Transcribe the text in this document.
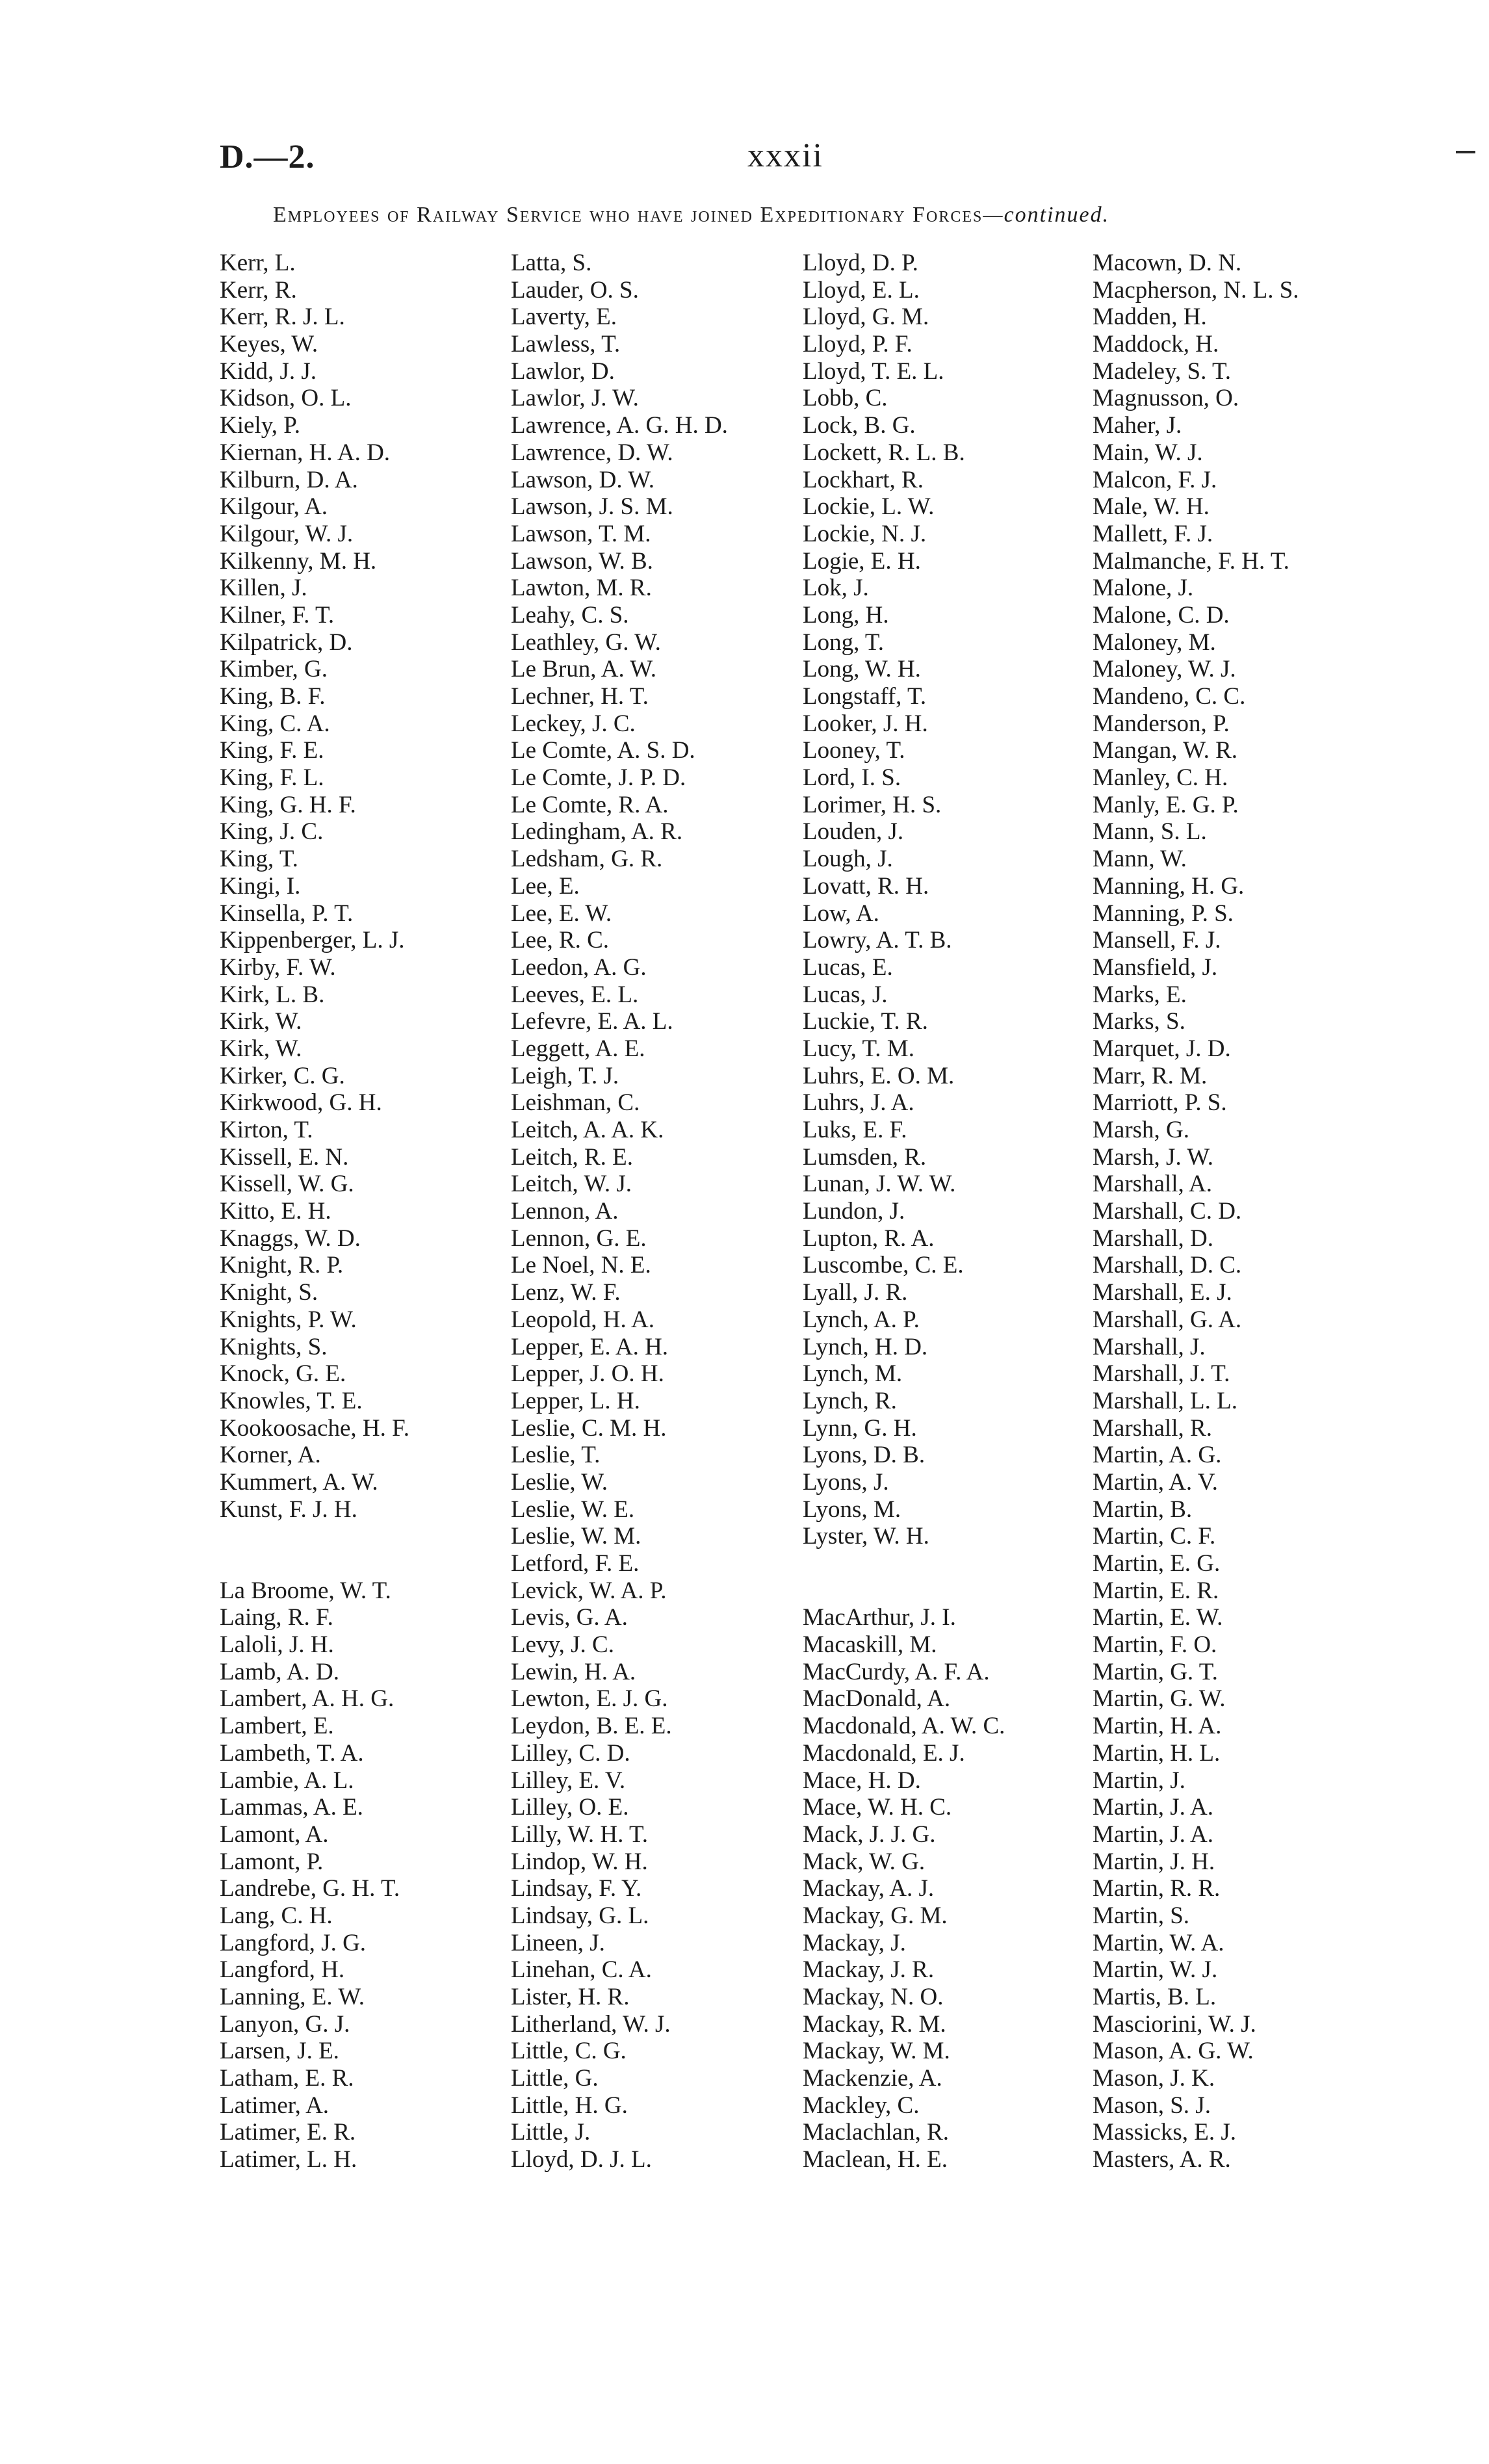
D.—2.	xxxii
Employees of Railway Service who have joined Expeditionary Forces—continued.
Kerr, L.
Kerr, R.
Kerr, R. J. L.
Keyes, W.
Kidd, J. J.
Kidson, O. L.
Kiely, P.
Kiernan, H. A. D.
Kilburn, D. A.
Kilgour, A.
Kilgour, W. J.
Kilkenny, M. H.
Killen, J.
Kilner, F. T.
Kilpatrick, D.
Kimber, G.
King, B. F.
King, C. A.
King, F. E.
King, F. L.
King, G. H. F.
King, J. C.
King, T.
Kingi, I.
Kinsella, P. T.
Kippenberger, L. J.
Kirby, F. W.
Kirk, L. B.
Kirk, W.
Kirk, W.
Kirker, C. G.
Kirkwood, G. H.
Kirton, T.
Kissell, E. N.
Kissell, W. G.
Kitto, E. H.
Knaggs, W. D.
Knight, R. P.
Knight, S.
Knights, P. W.
Knights, S.
Knock, G. E.
Knowles, T. E.
Kookoosache, H. F.
Korner, A.
Kummert, A. W.
Kunst, F. J. H.
La Broome, W. T.
Laing, R. F.
Laloli, J. H.
Lamb, A. D.
Lambert, A. H. G.
Lambert, E.
Lambeth, T. A.
Lambie, A. L.
Lammas, A. E.
Lamont, A.
Lamont, P.
Landrebe, G. H. T.
Lang, C. H.
Langford, J. G.
Langford, H.
Lanning, E. W.
Lanyon, G. J.
Larsen, J. E.
Latham, E. R.
Latimer, A.
Latimer, E. R.
Latimer, L. H.
Latta, S.
Lauder, O. S.
Laverty, E.
Lawless, T.
Lawlor, D.
Lawlor, J. W.
Lawrence, A. G. H. D.
Lawrence, D. W.
Lawson, D. W.
Lawson, J. S. M.
Lawson, T. M.
Lawson, W. B.
Lawton, M. R.
Leahy, C. S.
Leathley, G. W.
Le Brun, A. W.
Lechner, H. T.
Leckey, J. C.
Le Comte, A. S. D.
Le Comte, J. P. D.
Le Comte, R. A.
Ledingham, A. R.
Ledsham, G. R.
Lee, E.
Lee, E. W.
Lee, R. C.
Leedon, A. G.
Leeves, E. L.
Lefevre, E. A. L.
Leggett, A. E.
Leigh, T. J.
Leishman, C.
Leitch, A. A. K.
Leitch, R. E.
Leitch, W. J.
Lennon, A.
Lennon, G. E.
Le Noel, N. E.
Lenz, W. F.
Leopold, H. A.
Lepper, E. A. H.
Lepper, J. O. H.
Lepper, L. H.
Leslie, C. M. H.
Leslie, T.
Leslie, W.
Leslie, W. E.
Leslie, W. M.
Letford, F. E.
Levick, W. A. P.
Levis, G. A.
Levy, J. C.
Lewin, H. A.
Lewton, E. J. G.
Leydon, B. E. E.
Lilley, C. D.
Lilley, E. V.
Lilley, O. E.
Lilly, W. H. T.
Lindop, W. H.
Lindsay, F. Y.
Lindsay, G. L.
Lineen, J.
Linehan, C. A.
Lister, H. R.
Litherland, W. J.
Little, C. G.
Little, G.
Little, H. G.
Little, J.
Lloyd, D. J. L.
Lloyd, D. P.
Lloyd, E. L.
Lloyd, G. M.
Lloyd, P. F.
Lloyd, T. E. L.
Lobb, C.
Lock, B. G.
Lockett, R. L. B.
Lockhart, R.
Lockie, L. W.
Lockie, N. J.
Logie, E. H.
Lok, J.
Long, H.
Long, T.
Long, W. H.
Longstaff, T.
Looker, J. H.
Looney, T.
Lord, I. S.
Lorimer, H. S.
Louden, J.
Lough, J.
Lovatt, R. H.
Low, A.
Lowry, A. T. B.
Lucas, E.
Lucas, J.
Luckie, T. R.
Lucy, T. M.
Luhrs, E. O. M.
Luhrs, J. A.
Luks, E. F.
Lumsden, R.
Lunan, J. W. W.
Lundon, J.
Lupton, R. A.
Luscombe, C. E.
Lyall, J. R.
Lynch, A. P.
Lynch, H. D.
Lynch, M.
Lynch, R.
Lynn, G. H.
Lyons, D. B.
Lyons, J.
Lyons, M.
Lyster, W. H.
MacArthur, J. I.
Macaskill, M.
MacCurdy, A. F. A.
MacDonald, A.
Macdonald, A. W. C.
Macdonald, E. J.
Mace, H. D.
Mace, W. H. C.
Mack, J. J. G.
Mack, W. G.
Mackay, A. J.
Mackay, G. M.
Mackay, J.
Mackay, J. R.
Mackay, N. O.
Mackay, R. M.
Mackay, W. M.
Mackenzie, A.
Mackley, C.
Maclachlan, R.
Maclean, H. E.
Macown, D. N.
Macpherson, N. L. S.
Madden, H.
Maddock, H.
Madeley, S. T.
Magnusson, O.
Maher, J.
Main, W. J.
Malcon, F. J.
Male, W. H.
Mallett, F. J.
Malmanche, F. H. T.
Malone, J.
Malone, C. D.
Maloney, M.
Maloney, W. J.
Mandeno, C. C.
Manderson, P.
Mangan, W. R.
Manley, C. H.
Manly, E. G. P.
Mann, S. L.
Mann, W.
Manning, H. G.
Manning, P. S.
Mansell, F. J.
Mansfield, J.
Marks, E.
Marks, S.
Marquet, J. D.
Marr, R. M.
Marriott, P. S.
Marsh, G.
Marsh, J. W.
Marshall, A.
Marshall, C. D.
Marshall, D.
Marshall, D. C.
Marshall, E. J.
Marshall, G. A.
Marshall, J.
Marshall, J. T.
Marshall, L. L.
Marshall, R.
Martin, A. G.
Martin, A. V.
Martin, B.
Martin, C. F.
Martin, E. G.
Martin, E. R.
Martin, E. W.
Martin, F. O.
Martin, G. T.
Martin, G. W.
Martin, H. A.
Martin, H. L.
Martin, J.
Martin, J. A.
Martin, J. A.
Martin, J. H.
Martin, R. R.
Martin, S.
Martin, W. A.
Martin, W. J.
Martis, B. L.
Masciorini, W. J.
Mason, A. G. W.
Mason, J. K.
Mason, S. J.
Massicks, E. J.
Masters, A. R.
